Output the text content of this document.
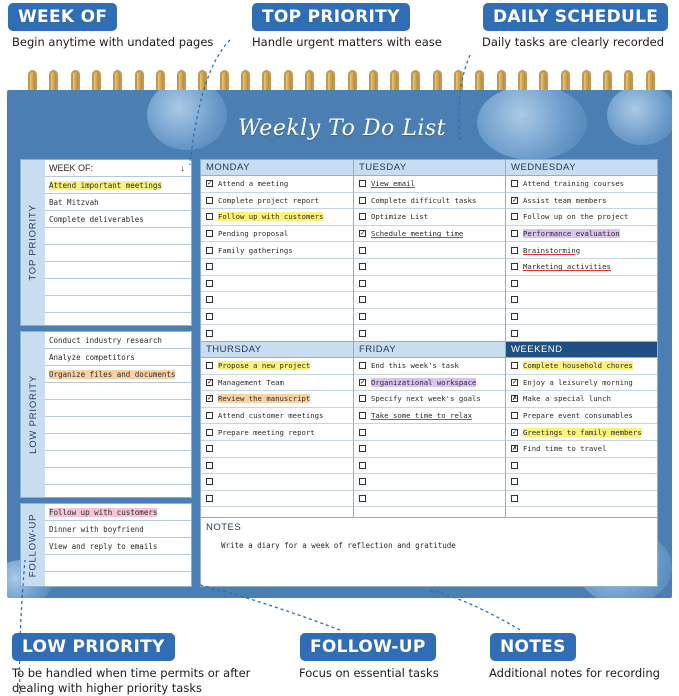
WEEK OF
Begin anytime with undated pages
TOP PRIORITY
Handle urgent matters with ease
DAILY SCHEDULE
Daily tasks are clearly recorded
Weekly To Do List
TOP PRIORITY
WEEK OF:	↓
Attend important meetings
Bat Mitzvah
Complete deliverables
LOW PRIORITY
Conduct industry research
Analyze competitors
Organize files and documents
FOLLOW-UP
Follow up with customers
Dinner with boyfriend
View and reply to emails
MONDAY
✓ Attend a meeting
Complete project report
Follow up with customers
Pending proposal
Family gatherings
TUESDAY
View email
Complete difficult tasks
Optimize List
✓ Schedule meeting time
WEDNESDAY
Attend training courses
✓ Assist team members
Follow up on the project
Performance evaluation
Brainstorming
Marketing activities
THURSDAY
Propose a new project
✓ Management Team
✓ Review the manuscript
Attend customer meetings
Prepare meeting report
FRIDAY
End this week's task
✓ Organizational workspace
Specify next week's goals
Take some time to relax
WEEKEND
Complete household chores
✓ Enjoy a leisurely morning
✗ Make a special lunch
Prepare event consumables
✓ Greetings to family members
✗ Find time to travel
NOTES
Write a diary for a week of reflection and gratitude
LOW PRIORITY
To be handled when time permits or after
dealing with higher priority tasks
FOLLOW-UP
Focus on essential tasks
NOTES
Additional notes for recording
